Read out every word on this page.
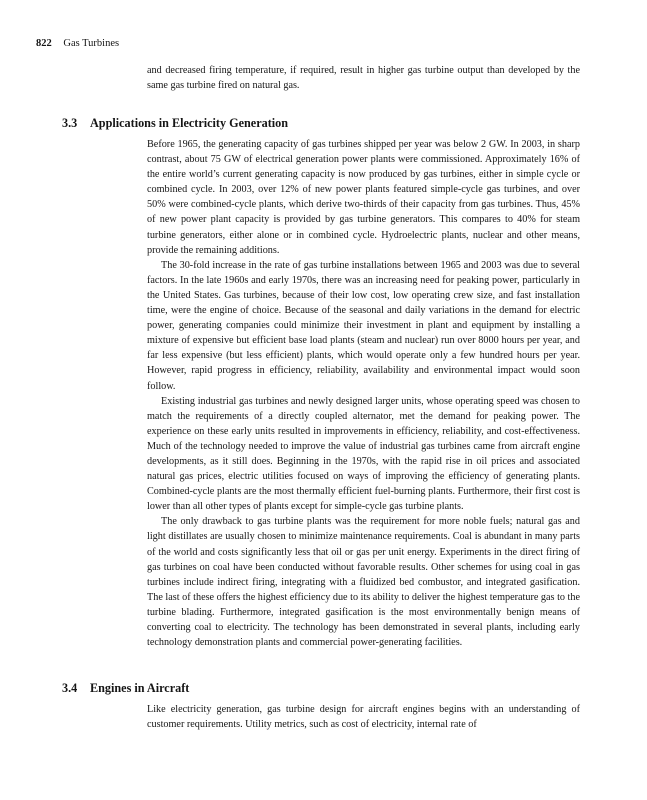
822 Gas Turbines

and decreased firing temperature, if required, result in higher gas turbine output than developed by the same gas turbine fired on natural gas.

3.3 Applications in Electricity Generation

Before 1965, the generating capacity of gas turbines shipped per year was below 2 GW. In 2003, in sharp contrast, about 75 GW of electrical generation power plants were commissioned. Approximately 16% of the entire world’s current generating capacity is now produced by gas turbines, either in simple cycle or combined cycle. In 2003, over 12% of new power plants featured simple-cycle gas turbines, and over 50% were combined-cycle plants, which derive two-thirds of their capacity from gas turbines. Thus, 45% of new power plant capacity is provided by gas turbine generators. This compares to 40% for steam turbine generators, either alone or in combined cycle. Hydroelectric plants, nuclear and other means, provide the remaining additions.

The 30-fold increase in the rate of gas turbine installations between 1965 and 2003 was due to several factors. In the late 1960s and early 1970s, there was an increasing need for peaking power, particularly in the United States. Gas turbines, because of their low cost, low operating crew size, and fast installation time, were the engine of choice. Because of the seasonal and daily variations in the demand for electric power, generating companies could minimize their investment in plant and equipment by installing a mixture of expensive but efficient base load plants (steam and nuclear) run over 8000 hours per year, and far less expensive (but less efficient) plants, which would operate only a few hundred hours per year. However, rapid progress in efficiency, reliability, availability and environmental impact would soon follow.

Existing industrial gas turbines and newly designed larger units, whose operating speed was chosen to match the requirements of a directly coupled alternator, met the demand for peaking power. The experience on these early units resulted in improvements in efficiency, reliability, and cost-effectiveness. Much of the technology needed to improve the value of industrial gas turbines came from aircraft engine developments, as it still does. Beginning in the 1970s, with the rapid rise in oil prices and associated natural gas prices, electric utilities focused on ways of improving the efficiency of generating plants. Combined-cycle plants are the most thermally efficient fuel-burning plants. Furthermore, their first cost is lower than all other types of plants except for simple-cycle gas turbine plants.

The only drawback to gas turbine plants was the requirement for more noble fuels; natural gas and light distillates are usually chosen to minimize maintenance requirements. Coal is abundant in many parts of the world and costs significantly less that oil or gas per unit energy. Experiments in the direct firing of gas turbines on coal have been conducted without favorable results. Other schemes for using coal in gas turbines include indirect firing, integrating with a fluidized bed combustor, and integrated gasification. The last of these offers the highest efficiency due to its ability to deliver the highest temperature gas to the turbine blading. Furthermore, integrated gasification is the most environmentally benign means of converting coal to electricity. The technology has been demonstrated in several plants, including early technology demonstration plants and commercial power-generating facilities.

3.4 Engines in Aircraft

Like electricity generation, gas turbine design for aircraft engines begins with an understanding of customer requirements. Utility metrics, such as cost of electricity, internal rate of
